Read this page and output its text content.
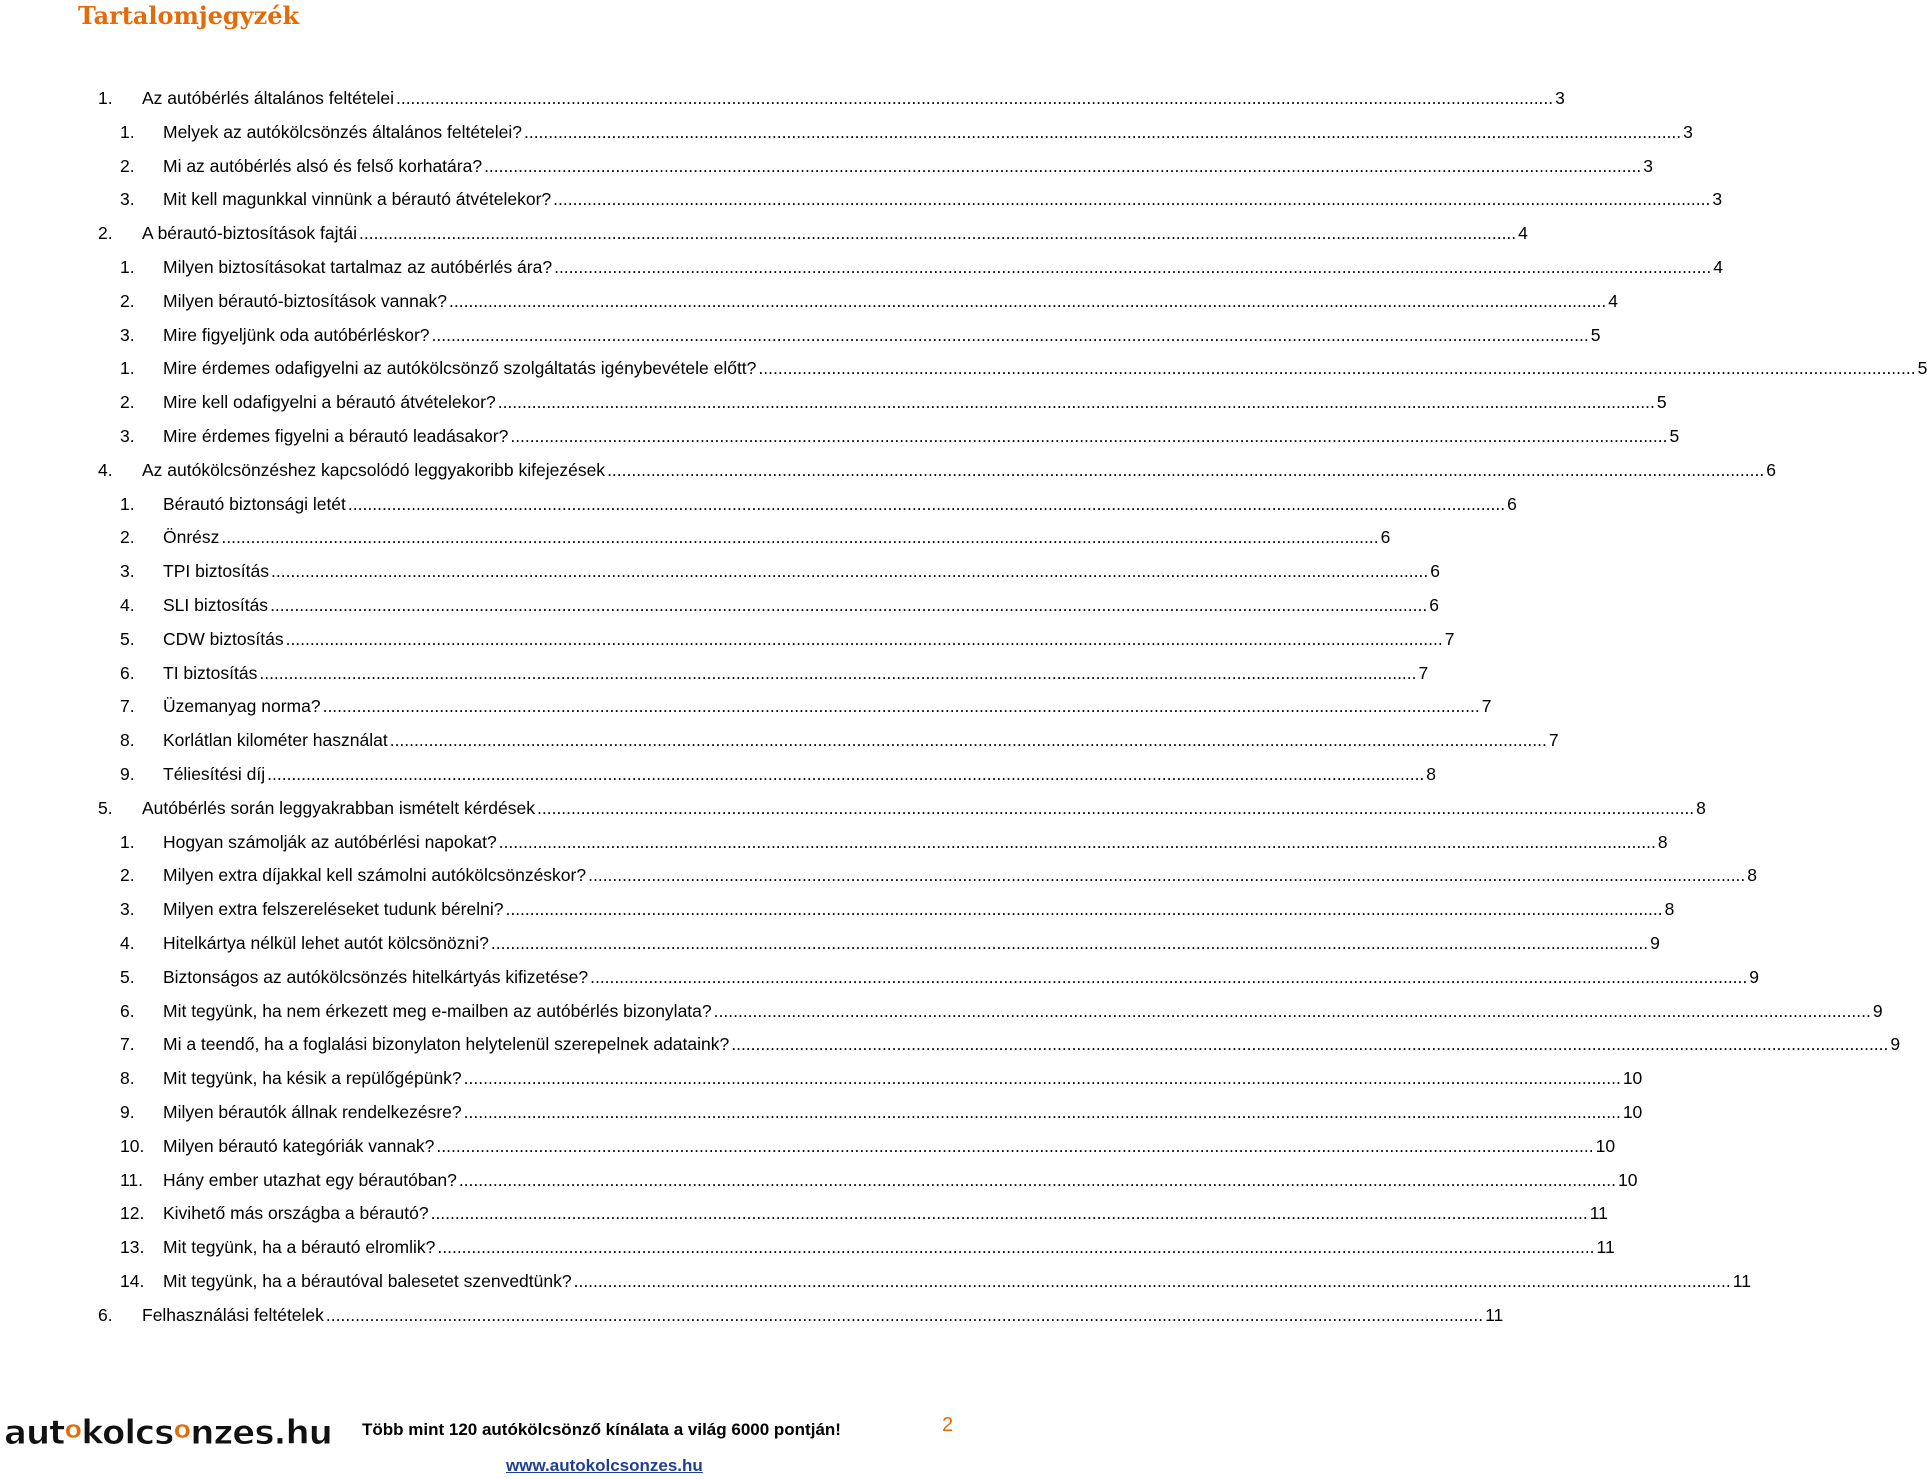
Tartalomjegyzék
1.	Az autóbérlés általános feltételei .....	3
1.	Melyek az autókölcsönzés általános feltételei? .....	3
2.	Mi az autóbérlés alsó és felső korhatára? .....	3
3.	Mit kell magunkkal vinnünk a bérautó átvételekor? .....	3
2.	A bérautó-biztosítások fajtái .....	4
1.	Milyen biztosításokat tartalmaz az autóbérlés ára? .....	4
2.	Milyen bérautó-biztosítások vannak? .....	4
3.	Mire figyeljünk oda autóbérléskor? .....	5
1.	Mire érdemes odafigyelni az autókölcsönző szolgáltatás igénybevétele előtt? .....	5
2.	Mire kell odafigyelni a bérautó átvételekor? .....	5
3.	Mire érdemes figyelni a bérautó leadásakor? .....	5
4.	Az autókölcsönzéshez kapcsolódó leggyakoribb kifejezések .....	6
1.	Bérautó biztonsági letét .....	6
2.	Önrész .....	6
3.	TPI biztosítás .....	6
4.	SLI biztosítás .....	6
5.	CDW biztosítás .....	7
6.	TI biztosítás .....	7
7.	Üzemanyag norma? .....	7
8.	Korlátlan kilométer használat .....	7
9.	Téliesítési díj .....	8
5.	Autóbérlés során leggyakrabban ismételt kérdések .....	8
1.	Hogyan számolják az autóbérlési napokat? .....	8
2.	Milyen extra díjakkal kell számolni autókölcsönzéskor? .....	8
3.	Milyen extra felszereléseket tudunk bérelni? .....	8
4.	Hitelkártya nélkül lehet autót kölcsönözni? .....	9
5.	Biztonságos az autókölcsönzés hitelkártyás kifizetése? .....	9
6.	Mit tegyünk, ha nem érkezett meg e-mailben az autóbérlés bizonylata? .....	9
7.	Mi a teendő, ha a foglalási bizonylaton helytelenül szerepelnek adataink? .....	9
8.	Mit tegyünk, ha késik a repülőgépünk? .....	10
9.	Milyen bérautók állnak rendelkezésre? .....	10
10.	Milyen bérautó kategóriák vannak? .....	10
11.	Hány ember utazhat egy bérautóban? .....	10
12.	Kivihető más országba a bérautó? .....	11
13.	Mit tegyünk, ha a bérautó elromlik? .....	11
14.	Mit tegyünk, ha a bérautóval balesetet szenvedtünk? .....	11
6.	Felhasználási feltételek .....	11
autokolcsonzes.hu Több mint 120 autókölcsönző kínálata a világ 6000 pontján!	2
www.autokolcsonzes.hu
